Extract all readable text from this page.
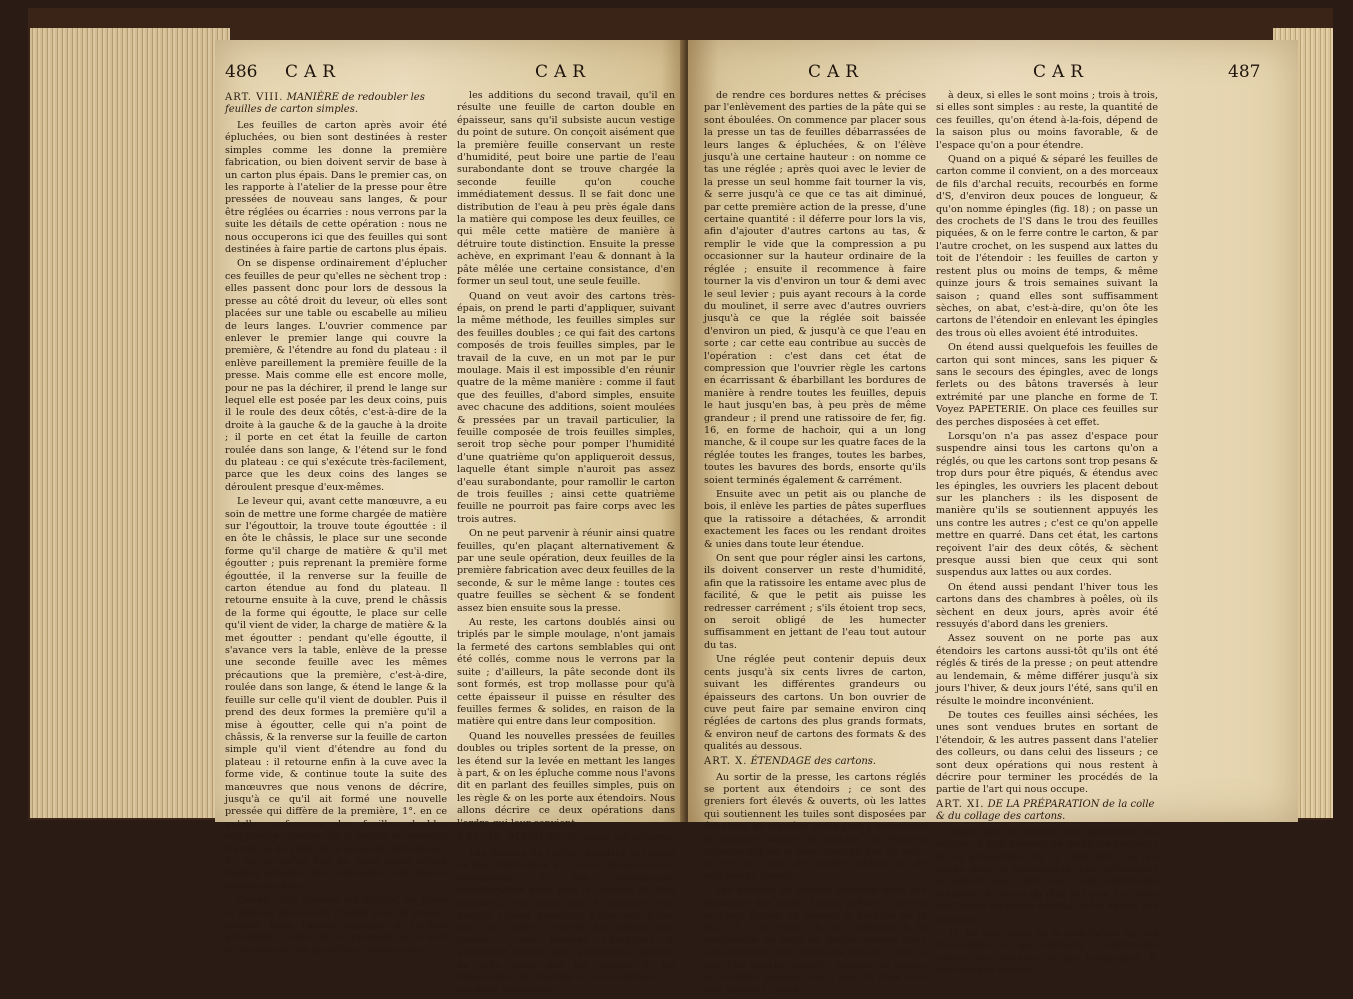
486 CAR	CAR
ART. VIII. MANIÈRE de redoubler les feuilles de carton simples.

Les feuilles de carton après avoir été épluchées, ou bien sont destinées à rester simples comme les donne la première fabrication, ou bien doivent servir de base à un carton plus épais. Dans le premier cas, on les rapporte à l'atelier de la presse pour être pressées de nouveau sans langes, & pour être réglées ou écarries : nous verrons par la suite les détails de cette opération : nous ne nous occuperons ici que des feuilles qui sont destinées à faire partie de cartons plus épais.

On se dispense ordinairement d'éplucher ces feuilles de peur qu'elles ne sèchent trop : elles passent donc pour lors de dessous la presse au côté droit du leveur, où elles sont placées sur une table ou escabelle au milieu de leurs langes. L'ouvrier commence par enlever le premier lange qui couvre la première, & l'étendre au fond du plateau : il enlève pareillement la première feuille de la presse. Mais comme elle est encore molle, pour ne pas la déchirer, il prend le lange sur lequel elle est posée par les deux coins, puis il le roule des deux côtés, c'est-à-dire de la droite à la gauche & de la gauche à la droite ; il porte en cet état la feuille de carton roulée dans son lange, & l'étend sur le fond du plateau : ce qui s'exécute très-facilement, parce que les deux coins des langes se déroulent presque d'eux-mêmes.

Le leveur qui, avant cette manœuvre, a eu soin de mettre une forme chargée de matière sur l'égouttoir, la trouve toute égouttée : il en ôte le châssis, le place sur une seconde forme qu'il charge de matière & qu'il met égoutter ; puis reprenant la première forme égouttée, il la renverse sur la feuille de carton étendue au fond du plateau. Il retourne ensuite à la cuve, prend le châssis de la forme qui égoutte, le place sur celle qu'il vient de vider, la charge de matière & la met égoutter : pendant qu'elle égoutte, il s'avance vers la table, enlève de la presse une seconde feuille avec les mêmes précautions que la première, c'est-à-dire, roulée dans son lange, & étend le lange & la feuille sur celle qu'il vient de doubler. Puis il prend des deux formes la première qu'il a mise à égoutter, celle qui n'a point de châssis, & la renverse sur la feuille de carton simple qu'il vient d'étendre au fond du plateau : il retourne enfin à la cuve avec la forme vide, & continue toute la suite des manœuvres que nous venons de décrire, jusqu'à ce qu'il ait formé une nouvelle pressée qui diffère de la première, 1°. en ce qu'elle renfermera des feuilles doubles composées chacune de la feuille du premier travail, & de celle de la seconde fabrication ; 2°. en ce qu'au lieu de deux cents trente feuilles simples, elle contiendra cent quinze feuilles doubles.

Quand cette pressée est moulée, on place le plateau qui en est chargé sous la presse, comme nous l'avons expliqué à l'article précédent : l'effet de ce pressage est d'unir si intimement les premières feuilles avec

les additions du second travail, qu'il en résulte une feuille de carton double en épaisseur, sans qu'il subsiste aucun vestige du point de suture. On conçoit aisément que la première feuille conservant un reste d'humidité, peut boire une partie de l'eau surabondante dont se trouve chargée la seconde feuille qu'on couche immédiatement dessus. Il se fait donc une distribution de l'eau à peu près égale dans la matière qui compose les deux feuilles, ce qui mêle cette matière de manière à détruire toute distinction. Ensuite la presse achève, en exprimant l'eau & donnant à la pâte mêlée une certaine consistance, d'en former un seul tout, une seule feuille.

Quand on veut avoir des cartons très-épais, on prend le parti d'appliquer, suivant la même méthode, les feuilles simples sur des feuilles doubles ; ce qui fait des cartons composés de trois feuilles simples, par le travail de la cuve, en un mot par le pur moulage. Mais il est impossible d'en réunir quatre de la même manière : comme il faut que des feuilles, d'abord simples, ensuite avec chacune des additions, soient moulées & pressées par un travail particulier, la feuille composée de trois feuilles simples, seroit trop sèche pour pomper l'humidité d'une quatrième qu'on appliqueroit dessus, laquelle étant simple n'auroit pas assez d'eau surabondante, pour ramollir le carton de trois feuilles ; ainsi cette quatrième feuille ne pourroit pas faire corps avec les trois autres.

On ne peut parvenir à réunir ainsi quatre feuilles, qu'en plaçant alternativement & par une seule opération, deux feuilles de la première fabrication avec deux feuilles de la seconde, & sur le même lange : toutes ces quatre feuilles se sèchent & se fondent assez bien ensuite sous la presse.

Au reste, les cartons doublés ainsi ou triplés par le simple moulage, n'ont jamais la fermeté des cartons semblables qui ont été collés, comme nous le verrons par la suite ; d'ailleurs, la pâte seconde dont ils sont formés, est trop mollasse pour qu'à cette épaisseur il puisse en résulter des feuilles fermes & solides, en raison de la matière qui entre dans leur composition.

Quand les nouvelles pressées de feuilles doubles ou triples sortent de la presse, on les étend sur la levée en mettant les langes à part, & on les épluche comme nous l'avons dit en parlant des feuilles simples, puis on les règle & on les porte aux étendoirs. Nous allons décrire ce deux opérations dans l'ordre qui leur convient.

ART. IX. MANIÈRE de régler les cartons.

Les feuilles de carton, pendant le travail de leur fabrication à la cuve, éprouvent des éboulemens & des affaissemens considérables dans tout le contour de leur bordures, soit parce que la matière trop pourrie retient beaucoup d'eau, soit parce que l'on enlève trop-tôt les châssis des formes ; ces bavures s'étendent & s'alongent ensuite par l'action de la presse, de telle sorte que les formes & les dimensions des feuilles en sont altérées : il est donc nécessaire

CAR	CAR	487

de rendre ces bordures nettes & précises par l'enlèvement des parties de la pâte qui se sont éboulées. On commence par placer sous la presse un tas de feuilles débarrassées de leurs langes & épluchées, & on l'élève jusqu'à une certaine hauteur : on nomme ce tas une réglée ; après quoi avec le levier de la presse un seul homme fait tourner la vis, & serre jusqu'à ce que ce tas ait diminué, par cette première action de la presse, d'une certaine quantité : il déferre pour lors la vis, afin d'ajouter d'autres cartons au tas, & remplir le vide que la compression a pu occasionner sur la hauteur ordinaire de la réglée ; ensuite il recommence à faire tourner la vis d'environ un tour & demi avec le seul levier ; puis ayant recours à la corde du moulinet, il serre avec d'autres ouvriers jusqu'à ce que la réglée soit baissée d'environ un pied, & jusqu'à ce que l'eau en sorte ; car cette eau contribue au succès de l'opération : c'est dans cet état de compression que l'ouvrier règle les cartons en écarrissant & ébarbillant les bordures de manière à rendre toutes les feuilles, depuis le haut jusqu'en bas, à peu près de même grandeur ; il prend une ratissoire de fer, fig. 16, en forme de hachoir, qui a un long manche, & il coupe sur les quatre faces de la réglée toutes les franges, toutes les barbes, toutes les bavures des bords, ensorte qu'ils soient terminés également & carrément.

Ensuite avec un petit ais ou planche de bois, il enlève les parties de pâtes superflues que la ratissoire a détachées, & arrondit exactement les faces ou les rendant droites & unies dans toute leur étendue.

On sent que pour régler ainsi les cartons, ils doivent conserver un reste d'humidité, afin que la ratissoire les entame avec plus de facilité, & que le petit ais puisse les redresser carrément ; s'ils étoient trop secs, on seroit obligé de les humecter suffisamment en jettant de l'eau tout autour du tas.

Une réglée peut contenir depuis deux cents jusqu'à six cents livres de carton, suivant les différentes grandeurs ou épaisseurs des cartons. Un bon ouvrier de cuve peut faire par semaine environ cinq réglées de cartons des plus grands formats, & environ neuf de cartons des formats & des qualités au dessous.

ART. X. ÉTENDAGE des cartons.

Au sortir de la presse, les cartons réglés se portent aux étendoirs ; ce sont des greniers fort élevés & ouverts, où les lattes qui soutiennent les tuiles sont disposées par échelons, de manière qu'on peut y suspendre de longues rangées de cartons, qui règnent presque depuis le haut jusqu'en bas du toit : on se sert aussi de cordes tendues ou de perches au besoin.

Les paquets de réglées trouvent dans ces étendoirs des mains toutes prêtes : chacun se place devant un paquet, le poinçon de la fig. 17 à la main, & on l'enfonce à la profondeur de trois ou quatre pouces dans une extrémité des feuilles de carton : c'est ce que l'on appelle piquer ; ensuite on enlève les feuilles piquées une à une, si elles sont fort épaisses ; deux

à deux, si elles le sont moins ; trois à trois, si elles sont simples : au reste, la quantité de ces feuilles, qu'on étend à-la-fois, dépend de la saison plus ou moins favorable, & de l'espace qu'on a pour étendre.

Quand on a piqué & séparé les feuilles de carton comme il convient, on a des morceaux de fils d'archal recuits, recourbés en forme d'S, d'environ deux pouces de longueur, & qu'on nomme épingles (fig. 18) ; on passe un des crochets de l'S dans le trou des feuilles piquées, & on le ferre contre le carton, & par l'autre crochet, on les suspend aux lattes du toit de l'étendoir : les feuilles de carton y restent plus ou moins de temps, & même quinze jours & trois semaines suivant la saison ; quand elles sont suffisamment sèches, on abat, c'est-à-dire, qu'on ôte les cartons de l'étendoir en enlevant les épingles des trous où elles avoient été introduites.

On étend aussi quelquefois les feuilles de carton qui sont minces, sans les piquer & sans le secours des épingles, avec de longs ferlets ou des bâtons traversés à leur extrémité par une planche en forme de T. Voyez PAPETERIE. On place ces feuilles sur des perches disposées à cet effet.

Lorsqu'on n'a pas assez d'espace pour suspendre ainsi tous les cartons qu'on a réglés, ou que les cartons sont trop pesans & trop durs pour être piqués, & étendus avec les épingles, les ouvriers les placent debout sur les planchers : ils les disposent de manière qu'ils se soutiennent appuyés les uns contre les autres ; c'est ce qu'on appelle mettre en quarré. Dans cet état, les cartons reçoivent l'air des deux côtés, & sèchent presque aussi bien que ceux qui sont suspendus aux lattes ou aux cordes.

On étend aussi pendant l'hiver tous les cartons dans des chambres à poêles, où ils sèchent en deux jours, après avoir été ressuyés d'abord dans les greniers.

Assez souvent on ne porte pas aux étendoirs les cartons aussi-tôt qu'ils ont été réglés & tirés de la presse ; on peut attendre au lendemain, & même différer jusqu'à six jours l'hiver, & deux jours l'été, sans qu'il en résulte le moindre inconvénient.

De toutes ces feuilles ainsi séchées, les unes sont vendues brutes en sortant de l'étendoir, & les autres passent dans l'atelier des colleurs, ou dans celui des lisseurs ; ce sont deux opérations qui nous restent à décrire pour terminer les procédés de la partie de l'art qui nous occupe.

ART. XI. DE LA PRÉPARATION de la colle & du collage des cartons.

Avant que de parler des opérations du collage, il faut exposer en détail les procédés de la préparation de la colle dont on fait usage dans la cartonnerie. Les cartonniers emploient pour faire leur colle différentes matières, & toutes du plus bas prix. Les unes sont tirées du règne végétal, & les autres des animaux.

1°. Ils font usage de la folle farine, qui est très-mobile, & qui s'attache à différentes usines des meûniers & des boulangers, & sur-tout aux blutoirs ;
